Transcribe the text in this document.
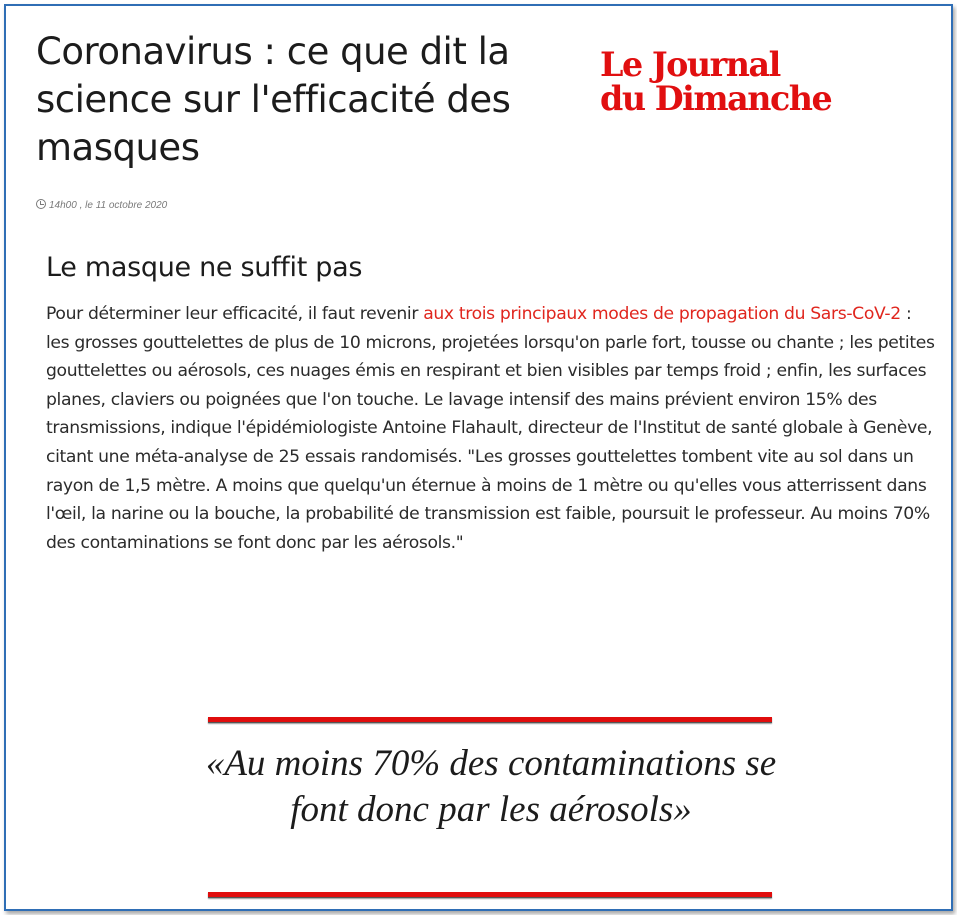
Coronavirus : ce que dit la science sur l'efficacité des masques
Le Journal
du Dimanche
14h00 , le 11 octobre 2020
Le masque ne suffit pas

Pour déterminer leur efficacité, il faut revenir aux trois principaux modes de propagation du Sars-CoV-2 : les grosses gouttelettes de plus de 10 microns, projetées lorsqu'on parle fort, tousse ou chante ; les petites gouttelettes ou aérosols, ces nuages émis en respirant et bien visibles par temps froid ; enfin, les surfaces planes, claviers ou poignées que l'on touche. Le lavage intensif des mains prévient environ 15% des transmissions, indique l'épidémiologiste Antoine Flahault, directeur de l'Institut de santé globale à Genève, citant une méta-analyse de 25 essais randomisés. "Les grosses gouttelettes tombent vite au sol dans un rayon de 1,5 mètre. A moins que quelqu'un éternue à moins de 1 mètre ou qu'elles vous atterrissent dans l'œil, la narine ou la bouche, la probabilité de transmission est faible, poursuit le professeur. Au moins 70% des contaminations se font donc par les aérosols."

«Au moins 70% des contaminations se font donc par les aérosols»
